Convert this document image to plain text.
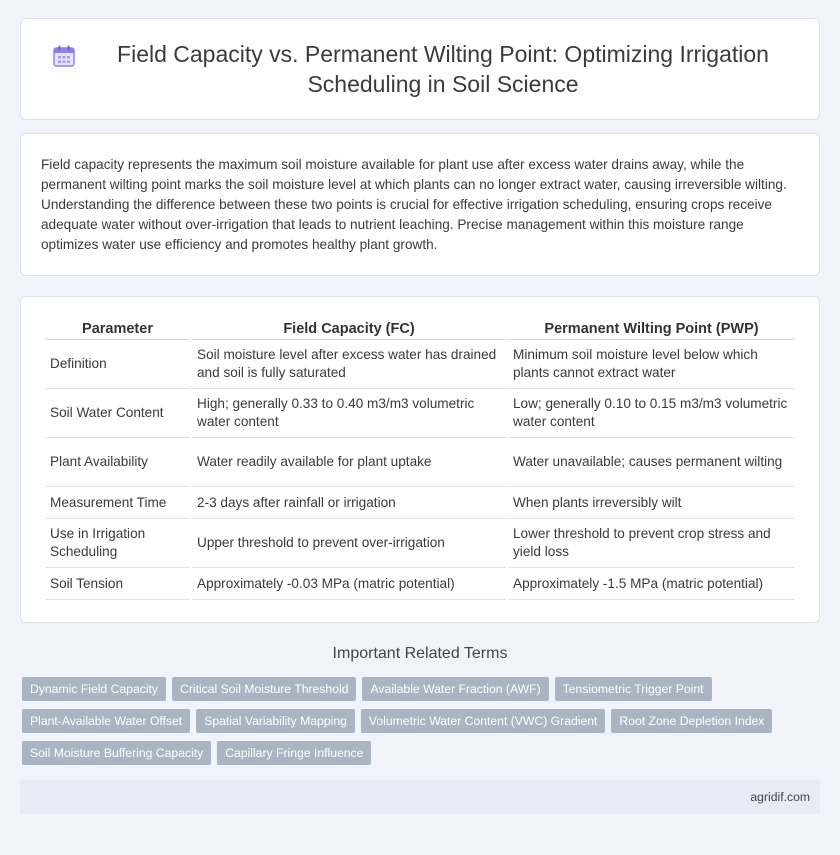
Field Capacity vs. Permanent Wilting Point: Optimizing Irrigation Scheduling in Soil Science

Field capacity represents the maximum soil moisture available for plant use after excess water drains away, while the permanent wilting point marks the soil moisture level at which plants can no longer extract water, causing irreversible wilting. Understanding the difference between these two points is crucial for effective irrigation scheduling, ensuring crops receive adequate water without over-irrigation that leads to nutrient leaching. Precise management within this moisture range optimizes water use efficiency and promotes healthy plant growth.

Parameter	Field Capacity (FC)	Permanent Wilting Point (PWP)
Definition	Soil moisture level after excess water has drained and soil is fully saturated	Minimum soil moisture level below which plants cannot extract water
Soil Water Content	High; generally 0.33 to 0.40 m3/m3 volumetric water content	Low; generally 0.10 to 0.15 m3/m3 volumetric water content
Plant Availability	Water readily available for plant uptake	Water unavailable; causes permanent wilting
Measurement Time	2-3 days after rainfall or irrigation	When plants irreversibly wilt
Use in Irrigation Scheduling	Upper threshold to prevent over-irrigation	Lower threshold to prevent crop stress and yield loss
Soil Tension	Approximately -0.03 MPa (matric potential)	Approximately -1.5 MPa (matric potential)
Important Related Terms
Dynamic Field Capacity	Critical Soil Moisture Threshold	Available Water Fraction (AWF)	Tensiometric Trigger Point
Plant-Available Water Offset	Spatial Variability Mapping	Volumetric Water Content (VWC) Gradient	Root Zone Depletion Index
Soil Moisture Buffering Capacity	Capillary Fringe Influence
agridif.com
